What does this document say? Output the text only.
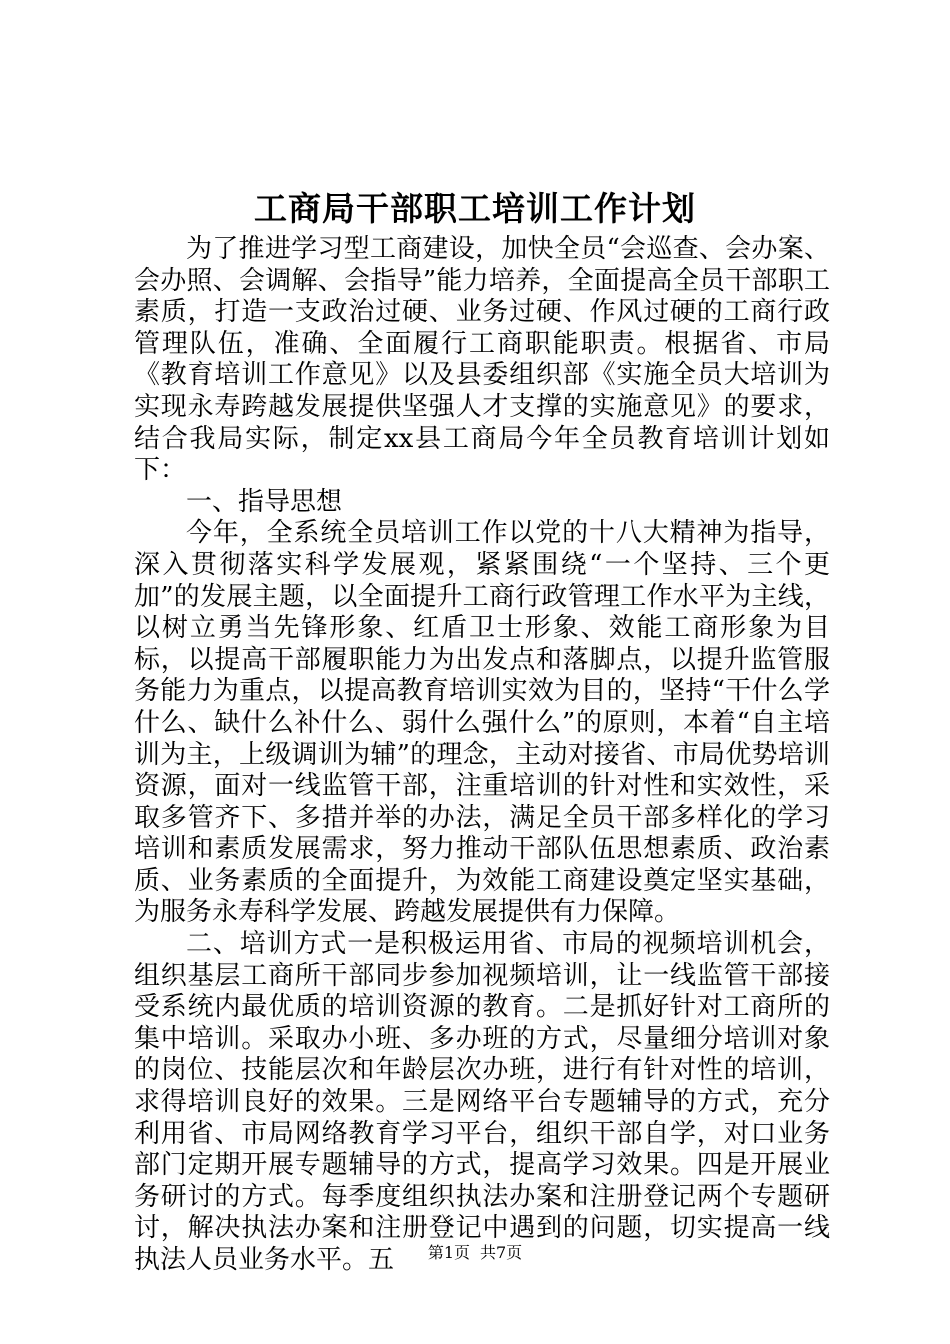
工商局干部职工培训工作计划

为了推进学习型工商建设，加快全员“会巡查、会办案、会办照、会调解、会指导”能力培养，全面提高全员干部职工素质，打造一支政治过硬、业务过硬、作风过硬的工商行政管理队伍，准确、全面履行工商职能职责。根据省、市局《教育培训工作意见》以及县委组织部《实施全员大培训为实现永寿跨越发展提供坚强人才支撑的实施意见》的要求，结合我局实际，制定xx县工商局今年全员教育培训计划如下：

一、指导思想

今年，全系统全员培训工作以党的十八大精神为指导，深入贯彻落实科学发展观，紧紧围绕“一个坚持、三个更加”的发展主题，以全面提升工商行政管理工作水平为主线，以树立勇当先锋形象、红盾卫士形象、效能工商形象为目标，以提高干部履职能力为出发点和落脚点，以提升监管服务能力为重点，以提高教育培训实效为目的，坚持“干什么学什么、缺什么补什么、弱什么强什么”的原则，本着“自主培训为主，上级调训为辅”的理念，主动对接省、市局优势培训资源，面对一线监管干部，注重培训的针对性和实效性，采取多管齐下、多措并举的办法，满足全员干部多样化的学习培训和素质发展需求，努力推动干部队伍思想素质、政治素质、业务素质的全面提升，为效能工商建设奠定坚实基础，为服务永寿科学发展、跨越发展提供有力保障。

二、培训方式一是积极运用省、市局的视频培训机会，组织基层工商所干部同步参加视频培训，让一线监管干部接受系统内最优质的培训资源的教育。二是抓好针对工商所的集中培训。采取办小班、多办班的方式，尽量细分培训对象的岗位、技能层次和年龄层次办班，进行有针对性的培训，求得培训良好的效果。三是网络平台专题辅导的方式，充分利用省、市局网络教育学习平台，组织干部自学，对口业务部门定期开展专题辅导的方式，提高学习效果。四是开展业务研讨的方式。每季度组织执法办案和注册登记两个专题研讨，解决执法办案和注册登记中遇到的问题，切实提高一线执法人员业务水平。五	第1页 共7页
